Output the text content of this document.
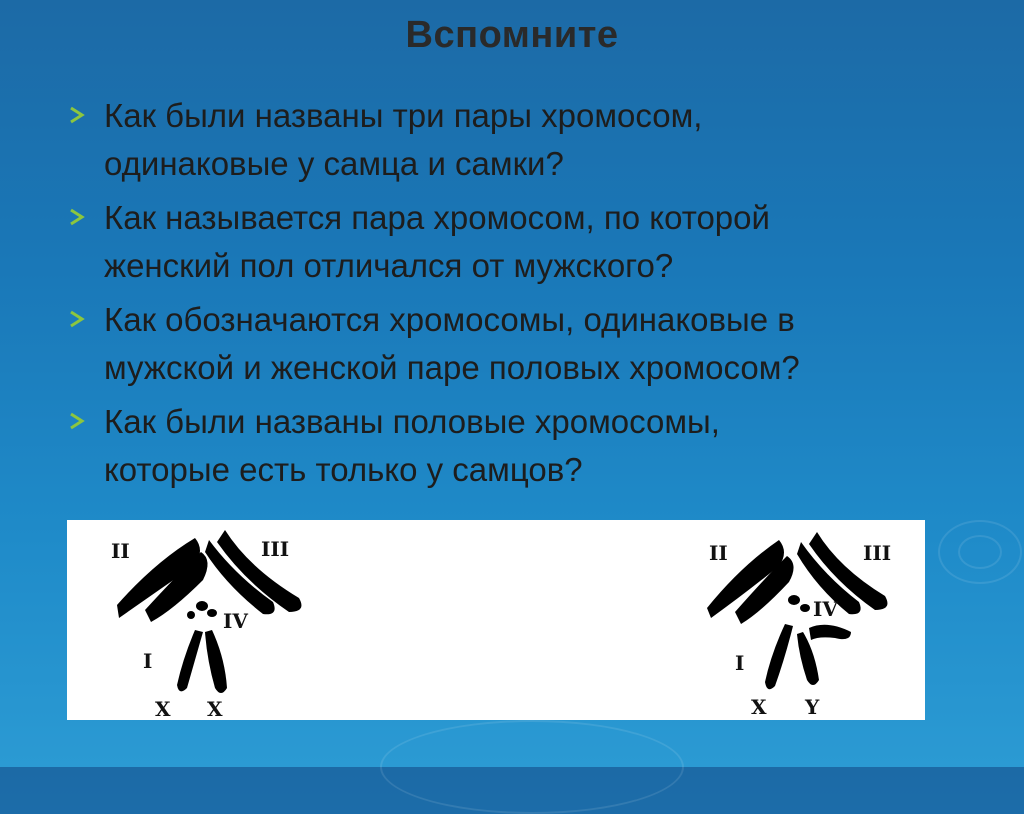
Вспомните
Как были названы три пары хромосом,
одинаковые у самца и самки?
Как называется пара хромосом, по которой
женский пол отличался от мужского?
Как обозначаются хромосомы, одинаковые в
мужской и женской паре половых хромосом?
Как были названы половые хромосомы,
которые есть только у самцов?
II	III
IV
I
X X
II	III
IV
I
X Y
